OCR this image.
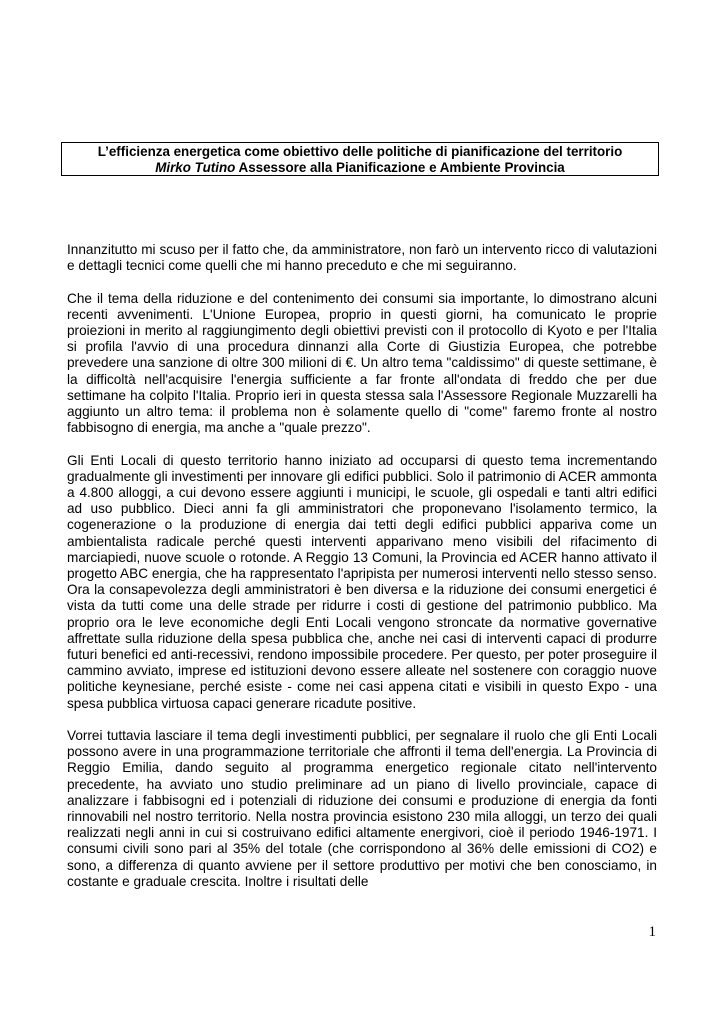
L’efficienza energetica come obiettivo delle politiche di pianificazione del territorio
Mirko Tutino Assessore alla Pianificazione e Ambiente Provincia

Innanzitutto mi scuso per il fatto che, da amministratore, non farò un intervento ricco di valutazioni e dettagli tecnici come quelli che mi hanno preceduto e che mi seguiranno.

Che il tema della riduzione e del contenimento dei consumi sia importante, lo dimostrano alcuni recenti avvenimenti. L'Unione Europea, proprio in questi giorni, ha comunicato le proprie proiezioni in merito al raggiungimento degli obiettivi previsti con il protocollo di Kyoto e per l'Italia si profila l'avvio di una procedura dinnanzi alla Corte di Giustizia Europea, che potrebbe prevedere una sanzione di oltre 300 milioni di €. Un altro tema "caldissimo" di queste settimane, è la difficoltà nell'acquisire l'energia sufficiente a far fronte all'ondata di freddo che per due settimane ha colpito l'Italia. Proprio ieri in questa stessa sala l'Assessore Regionale Muzzarelli ha aggiunto un altro tema: il problema non è solamente quello di "come" faremo fronte al nostro fabbisogno di energia, ma anche a "quale prezzo".

Gli Enti Locali di questo territorio hanno iniziato ad occuparsi di questo tema incrementando gradualmente gli investimenti per innovare gli edifici pubblici. Solo il patrimonio di ACER ammonta a 4.800 alloggi, a cui devono essere aggiunti i municipi, le scuole, gli ospedali e tanti altri edifici ad uso pubblico. Dieci anni fa gli amministratori che proponevano l'isolamento termico, la cogenerazione o la produzione di energia dai tetti degli edifici pubblici appariva come un ambientalista radicale perché questi interventi apparivano meno visibili del rifacimento di marciapiedi, nuove scuole o rotonde. A Reggio 13 Comuni, la Provincia ed ACER hanno attivato il progetto ABC energia, che ha rappresentato l'apripista per numerosi interventi nello stesso senso. Ora la consapevolezza degli amministratori è ben diversa e la riduzione dei consumi energetici é vista da tutti come una delle strade per ridurre i costi di gestione del patrimonio pubblico. Ma proprio ora le leve economiche degli Enti Locali vengono stroncate da normative governative affrettate sulla riduzione della spesa pubblica che, anche nei casi di interventi capaci di produrre futuri benefici ed anti-recessivi, rendono impossibile procedere. Per questo, per poter proseguire il cammino avviato, imprese ed istituzioni devono essere alleate nel sostenere con coraggio nuove politiche keynesiane, perché esiste - come nei casi appena citati e visibili in questo Expo - una spesa pubblica virtuosa capaci generare ricadute positive.

Vorrei tuttavia lasciare il tema degli investimenti pubblici, per segnalare il ruolo che gli Enti Locali possono avere in una programmazione territoriale che affronti il tema dell'energia. La Provincia di Reggio Emilia, dando seguito al programma energetico regionale citato nell'intervento precedente, ha avviato uno studio preliminare ad un piano di livello provinciale, capace di analizzare i fabbisogni ed i potenziali di riduzione dei consumi e produzione di energia da fonti rinnovabili nel nostro territorio. Nella nostra provincia esistono 230 mila alloggi, un terzo dei quali realizzati negli anni in cui si costruivano edifici altamente energivori, cioè il periodo 1946-1971. I consumi civili sono pari al 35% del totale (che corrispondono al 36% delle emissioni di CO2) e sono, a differenza di quanto avviene per il settore produttivo per motivi che ben conosciamo, in costante e graduale crescita. Inoltre i risultati delle

1
